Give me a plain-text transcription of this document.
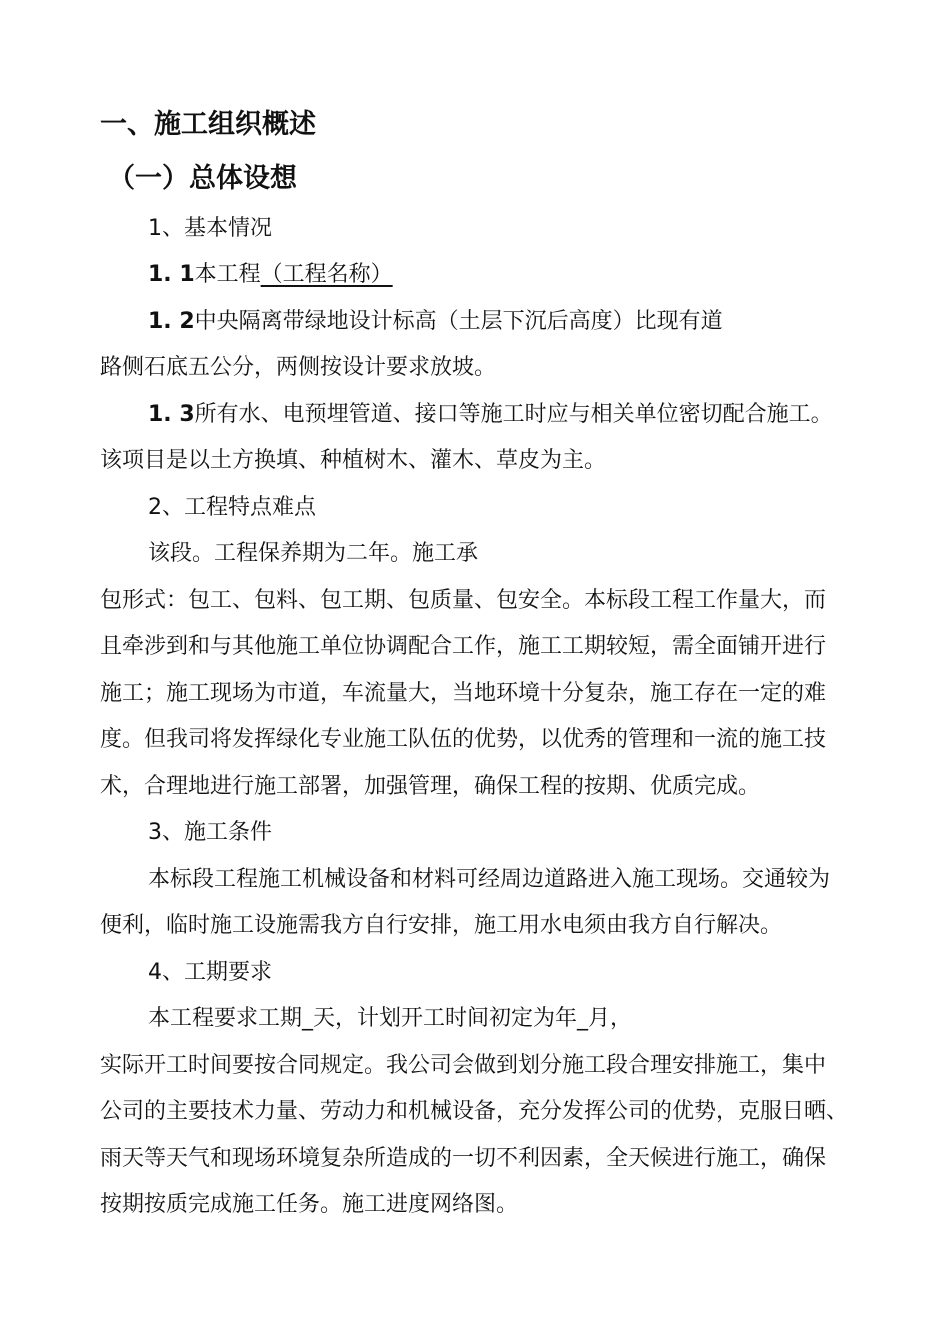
一、施工组织概述
（一）总体设想
1、基本情况
1. 1本工程（工程名称）
1. 2中央隔离带绿地设计标高（土层下沉后高度）比现有道
路侧石底五公分，两侧按设计要求放坡。
1. 3所有水、电预埋管道、接口等施工时应与相关单位密切配合施工。
该项目是以土方换填、种植树木、灌木、草皮为主。
2、工程特点难点
该段。工程保养期为二年。施工承
包形式：包工、包料、包工期、包质量、包安全。本标段工程工作量大，而
且牵涉到和与其他施工单位协调配合工作，施工工期较短，需全面铺开进行
施工；施工现场为市道，车流量大，当地环境十分复杂，施工存在一定的难
度。但我司将发挥绿化专业施工队伍的优势，以优秀的管理和一流的施工技
术，合理地进行施工部署，加强管理，确保工程的按期、优质完成。
3、施工条件
本标段工程施工机械设备和材料可经周边道路进入施工现场。交通较为
便利，临时施工设施需我方自行安排，施工用水电须由我方自行解决。
4、工期要求
本工程要求工期_天，计划开工时间初定为年_月，
实际开工时间要按合同规定。我公司会做到划分施工段合理安排施工，集中
公司的主要技术力量、劳动力和机械设备，充分发挥公司的优势，克服日晒、
雨天等天气和现场环境复杂所造成的一切不利因素，全天候进行施工，确保
按期按质完成施工任务。施工进度网络图。
